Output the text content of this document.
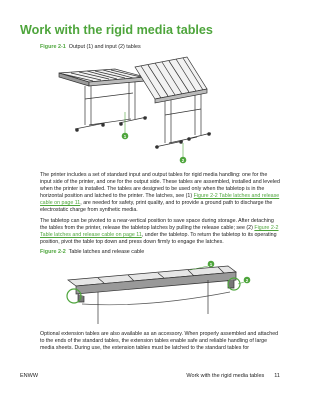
Work with the rigid media tables
Figure 2-1 Output (1) and input (2) tables
1
2

The printer includes a set of standard input and output tables for rigid media handling: one for the input side of the printer, and one for the output side. These tables are assembled, installed and leveled when the printer is installed. The tables are designed to be used only when the tabletop is in the horizontal position and latched to the printer. The latches, see (1) Figure 2-2 Table latches and release cable on page 11, are needed for safety, print quality, and to provide a ground path to discharge the electrostatic charge from synthetic media.

The tabletop can be pivoted to a near-vertical position to save space during storage. After detaching the tables from the printer, release the tabletop latches by pulling the release cable; see (2) Figure 2-2 Table latches and release cable on page 11, under the tabletop. To return the tabletop to its operating position, pivot the table top down and press down firmly to engage the latches.

Figure 2-2 Table latches and release cable
1
2

Optional extension tables are also available as an accessory. When properly assembled and attached to the ends of the standard tables, the extension tables enable safe and reliable handling of large media sheets. During use, the extension tables must be latched to the standard tables for

ENWW	Work with the rigid media tables 11
